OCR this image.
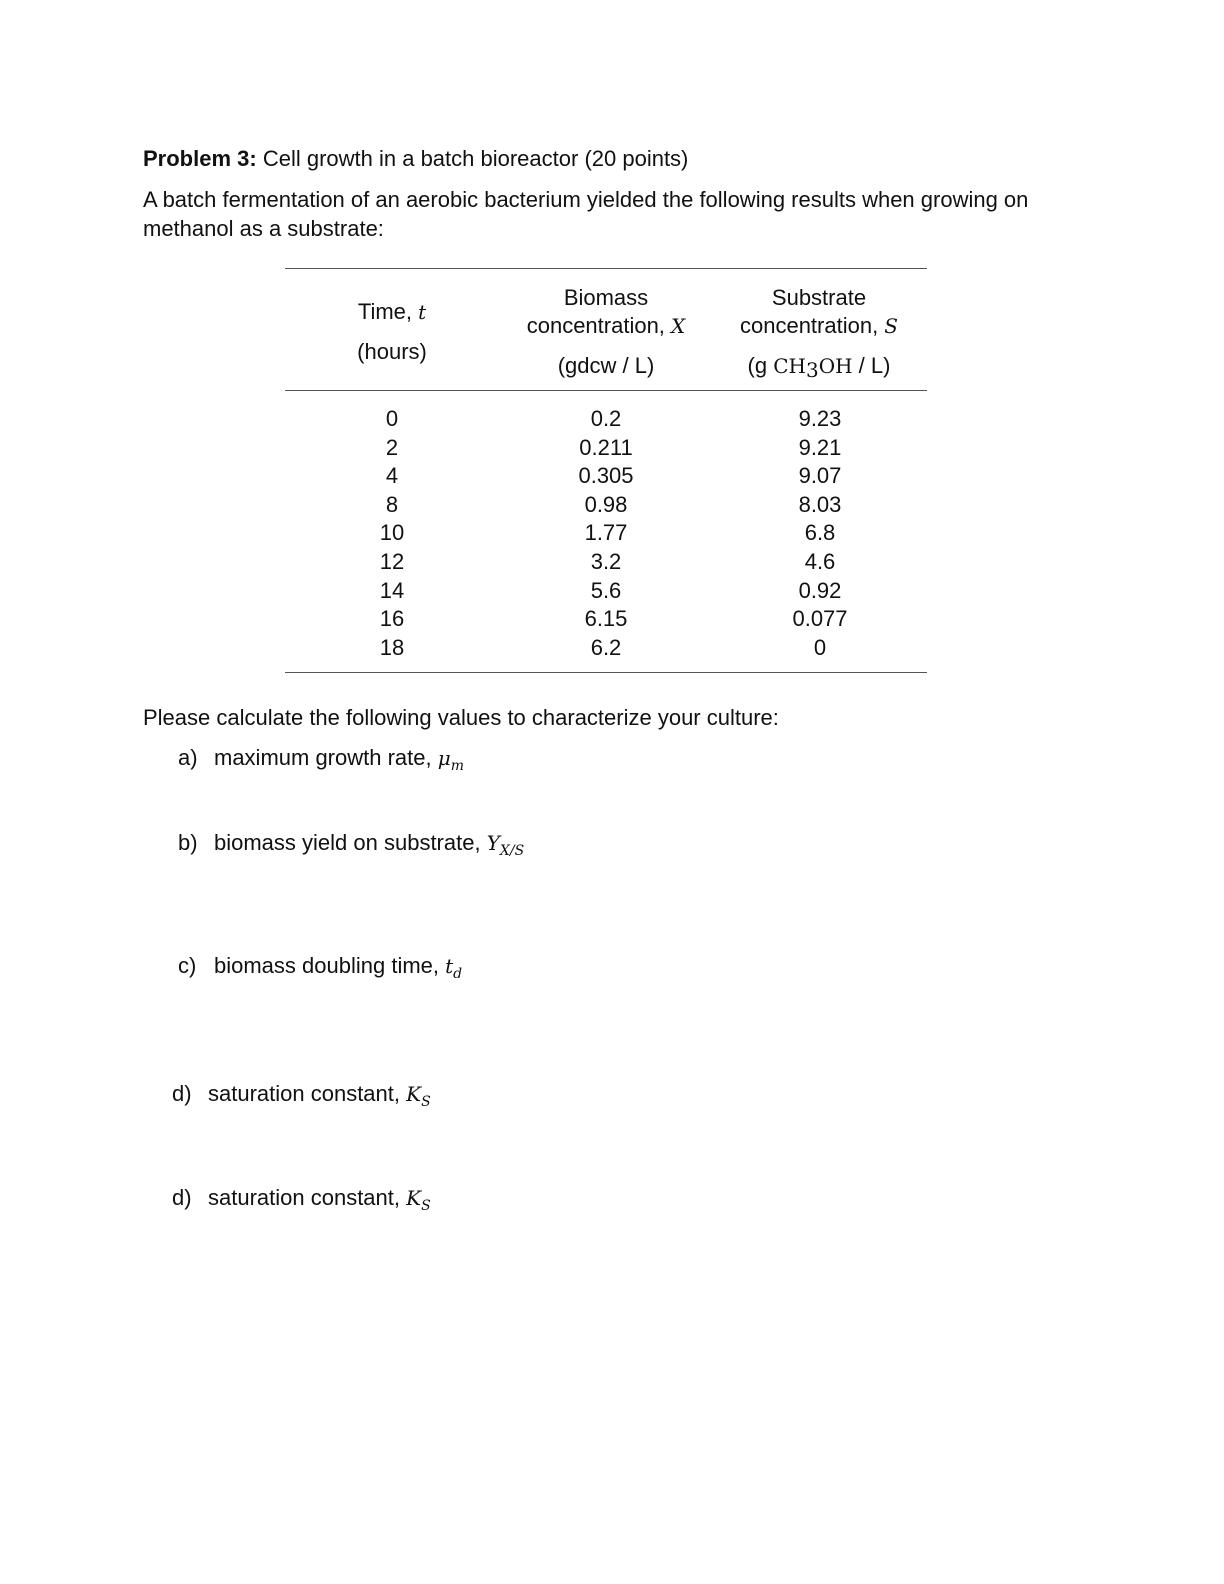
Problem 3: Cell growth in a batch bioreactor (20 points)
A batch fermentation of an aerobic bacterium yielded the following results when growing on methanol as a substrate:
Time, t
(hours)
Biomass
concentration, X
(gdcw / L)
Substrate
concentration, S
(g $CH_3OH / L$)
0
2
4
8
10
12
14
16
18
0.2
0.211
0.305
0.98
1.77
3.2
5.6
6.15
6.2
9.23
9.21
9.07
8.03
6.8
4.6
0.92
0.077
0
Please calculate the following values to characterize your culture:
a) maximum growth rate, $\mu_m$
b) biomass yield on substrate, $Y_{X/S}$
c) biomass doubling time, $t_d$
d) saturation constant, $K_S$
d) saturation constant, $K_S$
